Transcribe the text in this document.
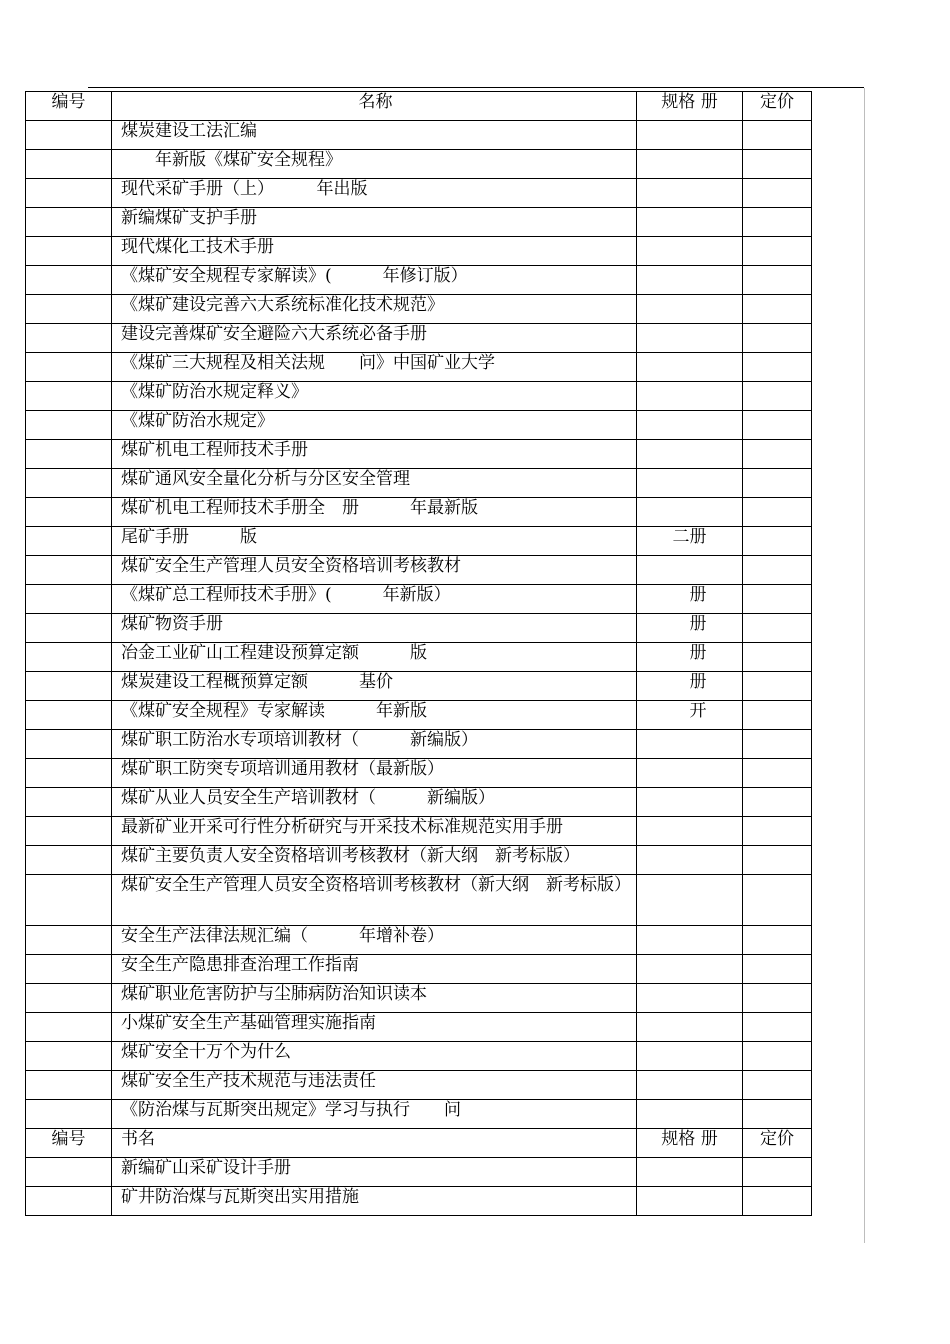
编号	名称	规格 册	定价
	煤炭建设工法汇编		
	　　年新版《煤矿安全规程》		
	现代采矿手册（上）　　　年出版		
	新编煤矿支护手册		
	现代煤化工技术手册		
	《煤矿安全规程专家解读》(　　　年修订版）		
	《煤矿建设完善六大系统标准化技术规范》		
	建设完善煤矿安全避险六大系统必备手册		
	《煤矿三大规程及相关法规　　问》中国矿业大学		
	《煤矿防治水规定释义》		
	《煤矿防治水规定》		
	煤矿机电工程师技术手册		
	煤矿通风安全量化分析与分区安全管理		
	煤矿机电工程师技术手册全　册　　　年最新版		
	尾矿手册　　　版	二册	
	煤矿安全生产管理人员安全资格培训考核教材		
	《煤矿总工程师技术手册》(　　　年新版）	　册	
	煤矿物资手册	　册	
	冶金工业矿山工程建设预算定额　　　版	　册	
	煤炭建设工程概预算定额　　　基价	　册	
	《煤矿安全规程》专家解读　　　年新版	　开	
	煤矿职工防治水专项培训教材（　　　新编版）		
	煤矿职工防突专项培训通用教材（最新版）		
	煤矿从业人员安全生产培训教材（　　　新编版）		
	最新矿业开采可行性分析研究与开采技术标准规范实用手册		
	煤矿主要负责人安全资格培训考核教材（新大纲　新考标版）		
	煤矿安全生产管理人员安全资格培训考核教材（新大纲　新考标版）		
	安全生产法律法规汇编（　　　年增补卷）		
	安全生产隐患排查治理工作指南		
	煤矿职业危害防护与尘肺病防治知识读本		
	小煤矿安全生产基础管理实施指南		
	煤矿安全十万个为什么		
	煤矿安全生产技术规范与违法责任		
	《防治煤与瓦斯突出规定》学习与执行　　问		
编号	书名	规格 册	定价
	新编矿山采矿设计手册		
	矿井防治煤与瓦斯突出实用措施		
